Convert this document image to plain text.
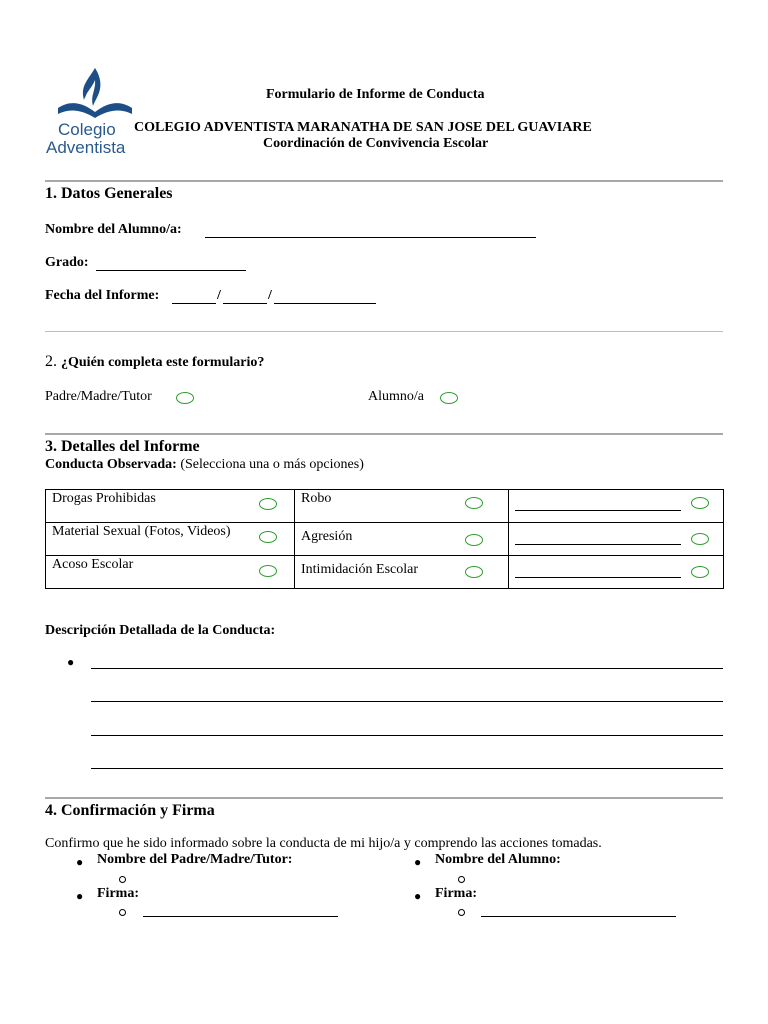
Colegio
Adventista
Formulario de Informe de Conducta
COLEGIO ADVENTISTA MARANATHA DE SAN JOSE DEL GUAVIARE
Coordinación de Convivencia Escolar
1. Datos Generales
Nombre del Alumno/a:
Grado:
Fecha del Informe:	/	/
2. ¿Quién completa este formulario?
Padre/Madre/Tutor	Alumno/a
3. Detalles del Informe
Conducta Observada: (Selecciona una o más opciones)
Drogas Prohibidas	Robo	

Material Sexual (Fotos, Videos)	Agresión	

Acoso Escolar	Intimidación Escolar	

Descripción Detallada de la Conducta:
●
4. Confirmación y Firma
Confirmo que he sido informado sobre la conducta de mi hijo/a y comprendo las acciones tomadas.
● Nombre del Padre/Madre/Tutor:
● Firma:
● Nombre del Alumno:
● Firma:
